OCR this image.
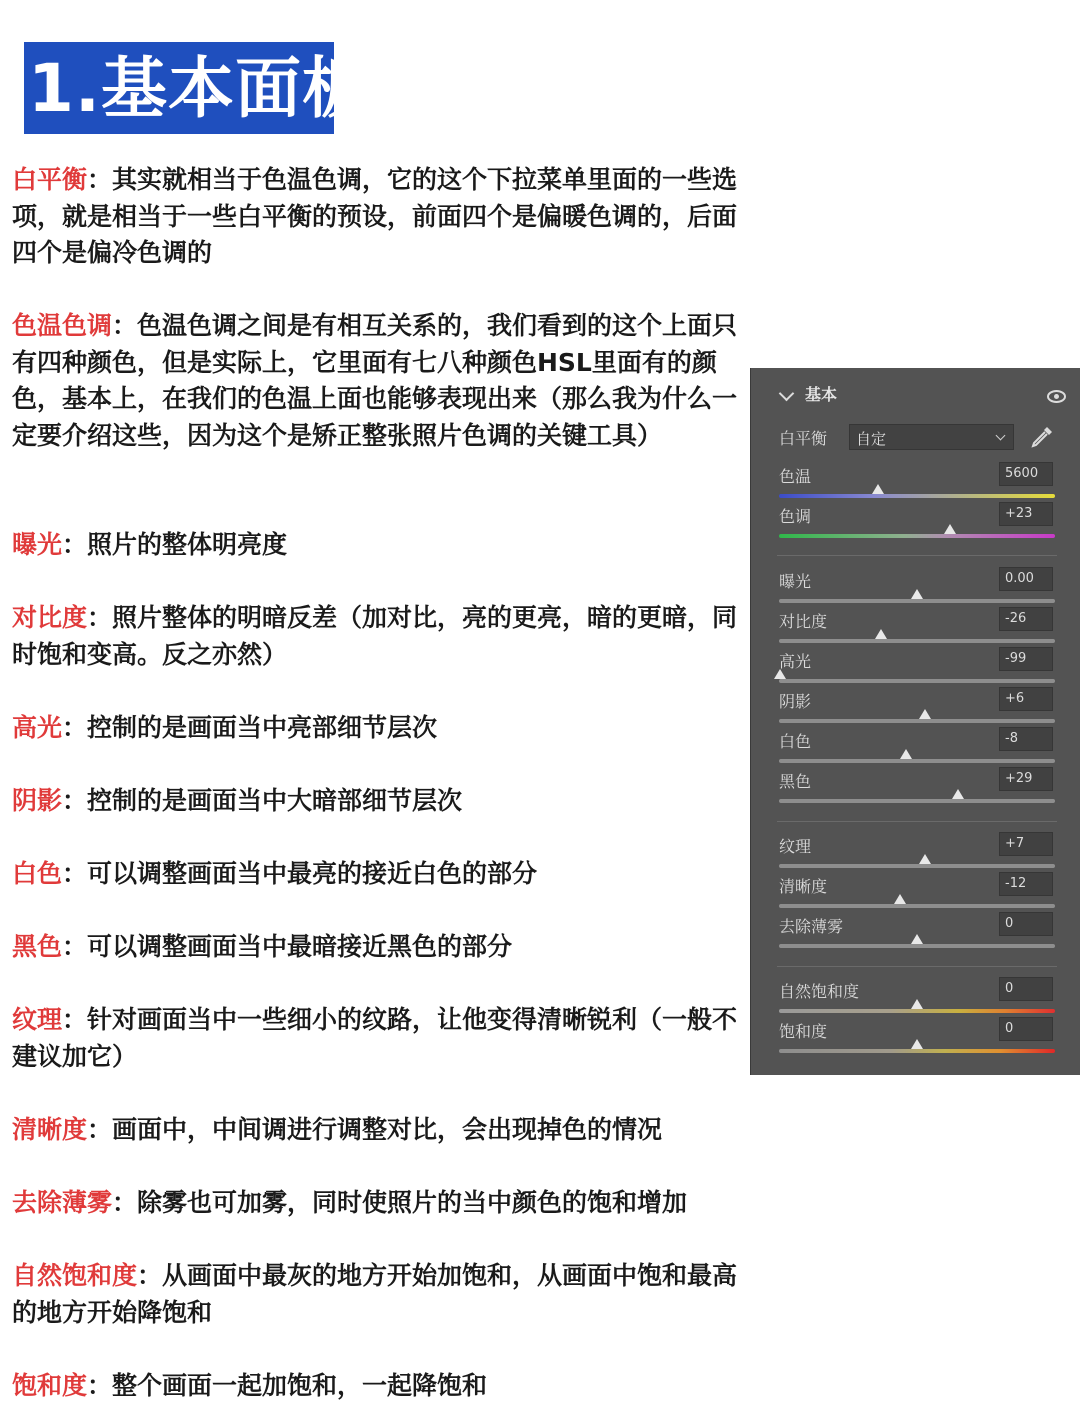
1.基本面板
白平衡：其实就相当于色温色调，它的这个下拉菜单里面的一些选项，就是相当于一些白平衡的预设，前面四个是偏暖色调的，后面四个是偏冷色调的
色温色调：色温色调之间是有相互关系的，我们看到的这个上面只有四种颜色，但是实际上，它里面有七八种颜色HSL里面有的颜色，基本上，在我们的色温上面也能够表现出来（那么我为什么一定要介绍这些，因为这个是矫正整张照片色调的关键工具）
曝光：照片的整体明亮度
对比度：照片整体的明暗反差（加对比，亮的更亮，暗的更暗，同时饱和变高。反之亦然）
高光：控制的是画面当中亮部细节层次
阴影：控制的是画面当中大暗部细节层次
白色：可以调整画面当中最亮的接近白色的部分
黑色：可以调整画面当中最暗接近黑色的部分
纹理：针对画面当中一些细小的纹路，让他变得清晰锐利（一般不建议加它）
清晰度：画面中，中间调进行调整对比，会出现掉色的情况
去除薄雾：除雾也可加雾，同时使照片的当中颜色的饱和增加
自然饱和度：从画面中最灰的地方开始加饱和，从画面中饱和最高的地方开始降饱和
饱和度：整个画面一起加饱和，一起降饱和
基本
白平衡 自定
色温	5600
色调	+23
曝光	0.00
对比度	-26
高光	-99
阴影	+6
白色	-8
黑色	+29
纹理	+7
清晰度	-12
去除薄雾	0
自然饱和度	0
饱和度	0
